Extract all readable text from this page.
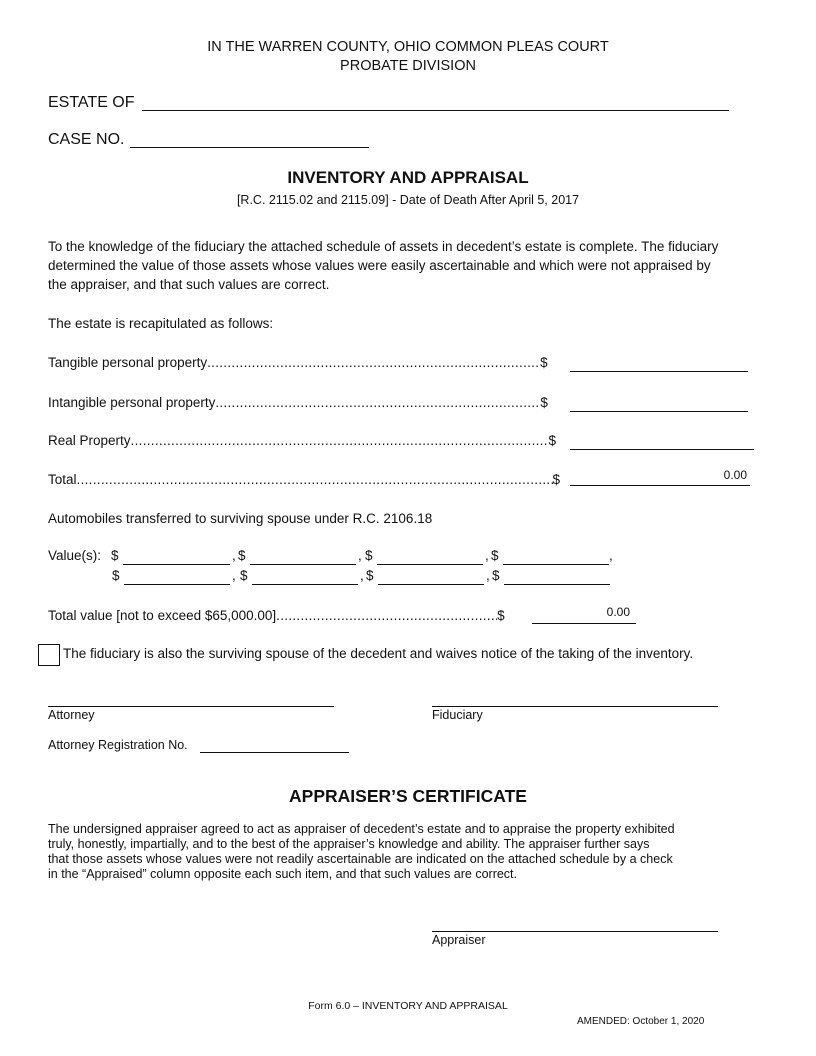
IN THE WARREN COUNTY, OHIO COMMON PLEAS COURT
PROBATE DIVISION
ESTATE OF
CASE NO.
INVENTORY AND APPRAISAL
[R.C. 2115.02 and 2115.09] - Date of Death After April 5, 2017
To the knowledge of the fiduciary the attached schedule of assets in decedent’s estate is complete. The fiduciary
determined the value of those assets whose values were easily ascertainable and which were not appraised by
the appraiser, and that such values are correct.
The estate is recapitulated as follows:
Tangible personal property .....	$
Intangible personal property .....	$
Real Property .....	$
Total .....	$	0.00
Automobiles transferred to surviving spouse under R.C. 2106.18
Value(s): $	, $	, $	, $	,
$	, $	, $	, $
Total value [not to exceed $65,000.00] .....	$	0.00
The fiduciary is also the surviving spouse of the decedent and waives notice of the taking of the inventory.
Attorney	Fiduciary
Attorney Registration No.
APPRAISER’S CERTIFICATE
The undersigned appraiser agreed to act as appraiser of decedent’s estate and to appraise the property exhibited
truly, honestly, impartially, and to the best of the appraiser’s knowledge and ability. The appraiser further says
that those assets whose values were not readily ascertainable are indicated on the attached schedule by a check
in the “Appraised” column opposite each such item, and that such values are correct.
Appraiser
Form 6.0 – INVENTORY AND APPRAISAL
AMENDED: October 1, 2020
